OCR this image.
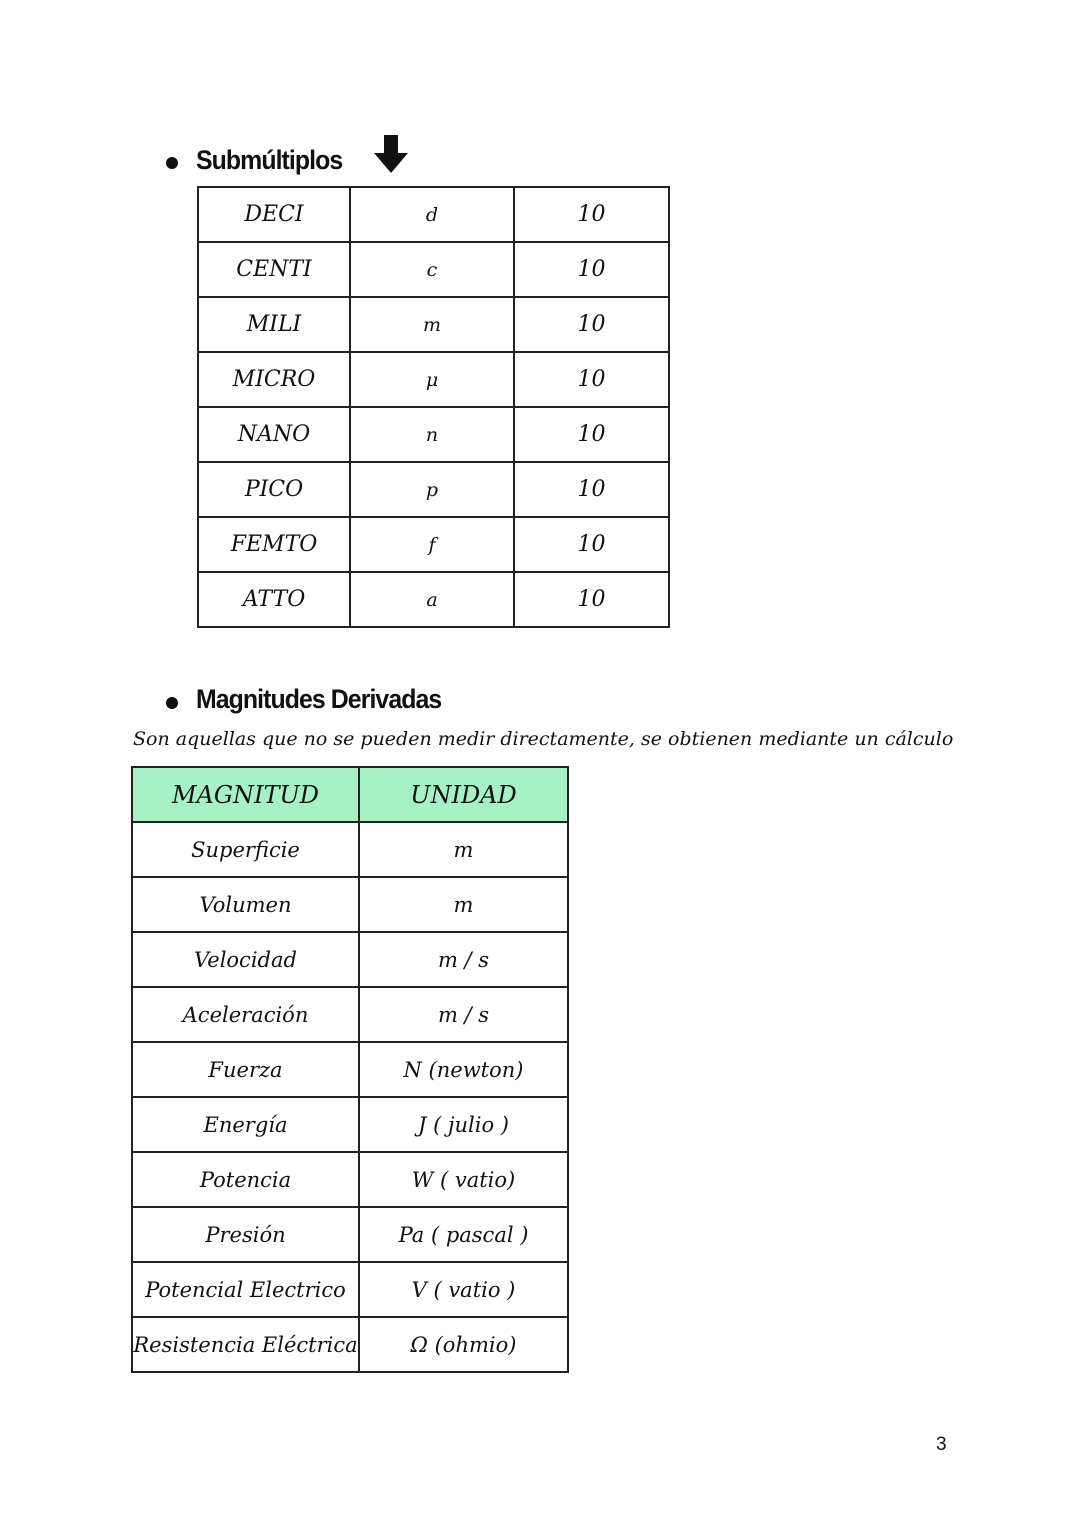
Submúltiplos
DECI	d	10
CENTI	c	10
MILI	m	10
MICRO	μ	10
NANO	n	10
PICO	p	10
FEMTO	f	10
ATTO	a	10
Magnitudes Derivadas
Son aquellas que no se pueden medir directamente, se obtienen mediante un cálculo
MAGNITUD	UNIDAD
Superficie	m
Volumen	m
Velocidad	m / s
Aceleración	m / s
Fuerza	N (newton)
Energía	J ( julio )
Potencia	W ( vatio)
Presión	Pa ( pascal )
Potencial Electrico	V ( vatio )
Resistencia Eléctrica	Ω (ohmio)
3
